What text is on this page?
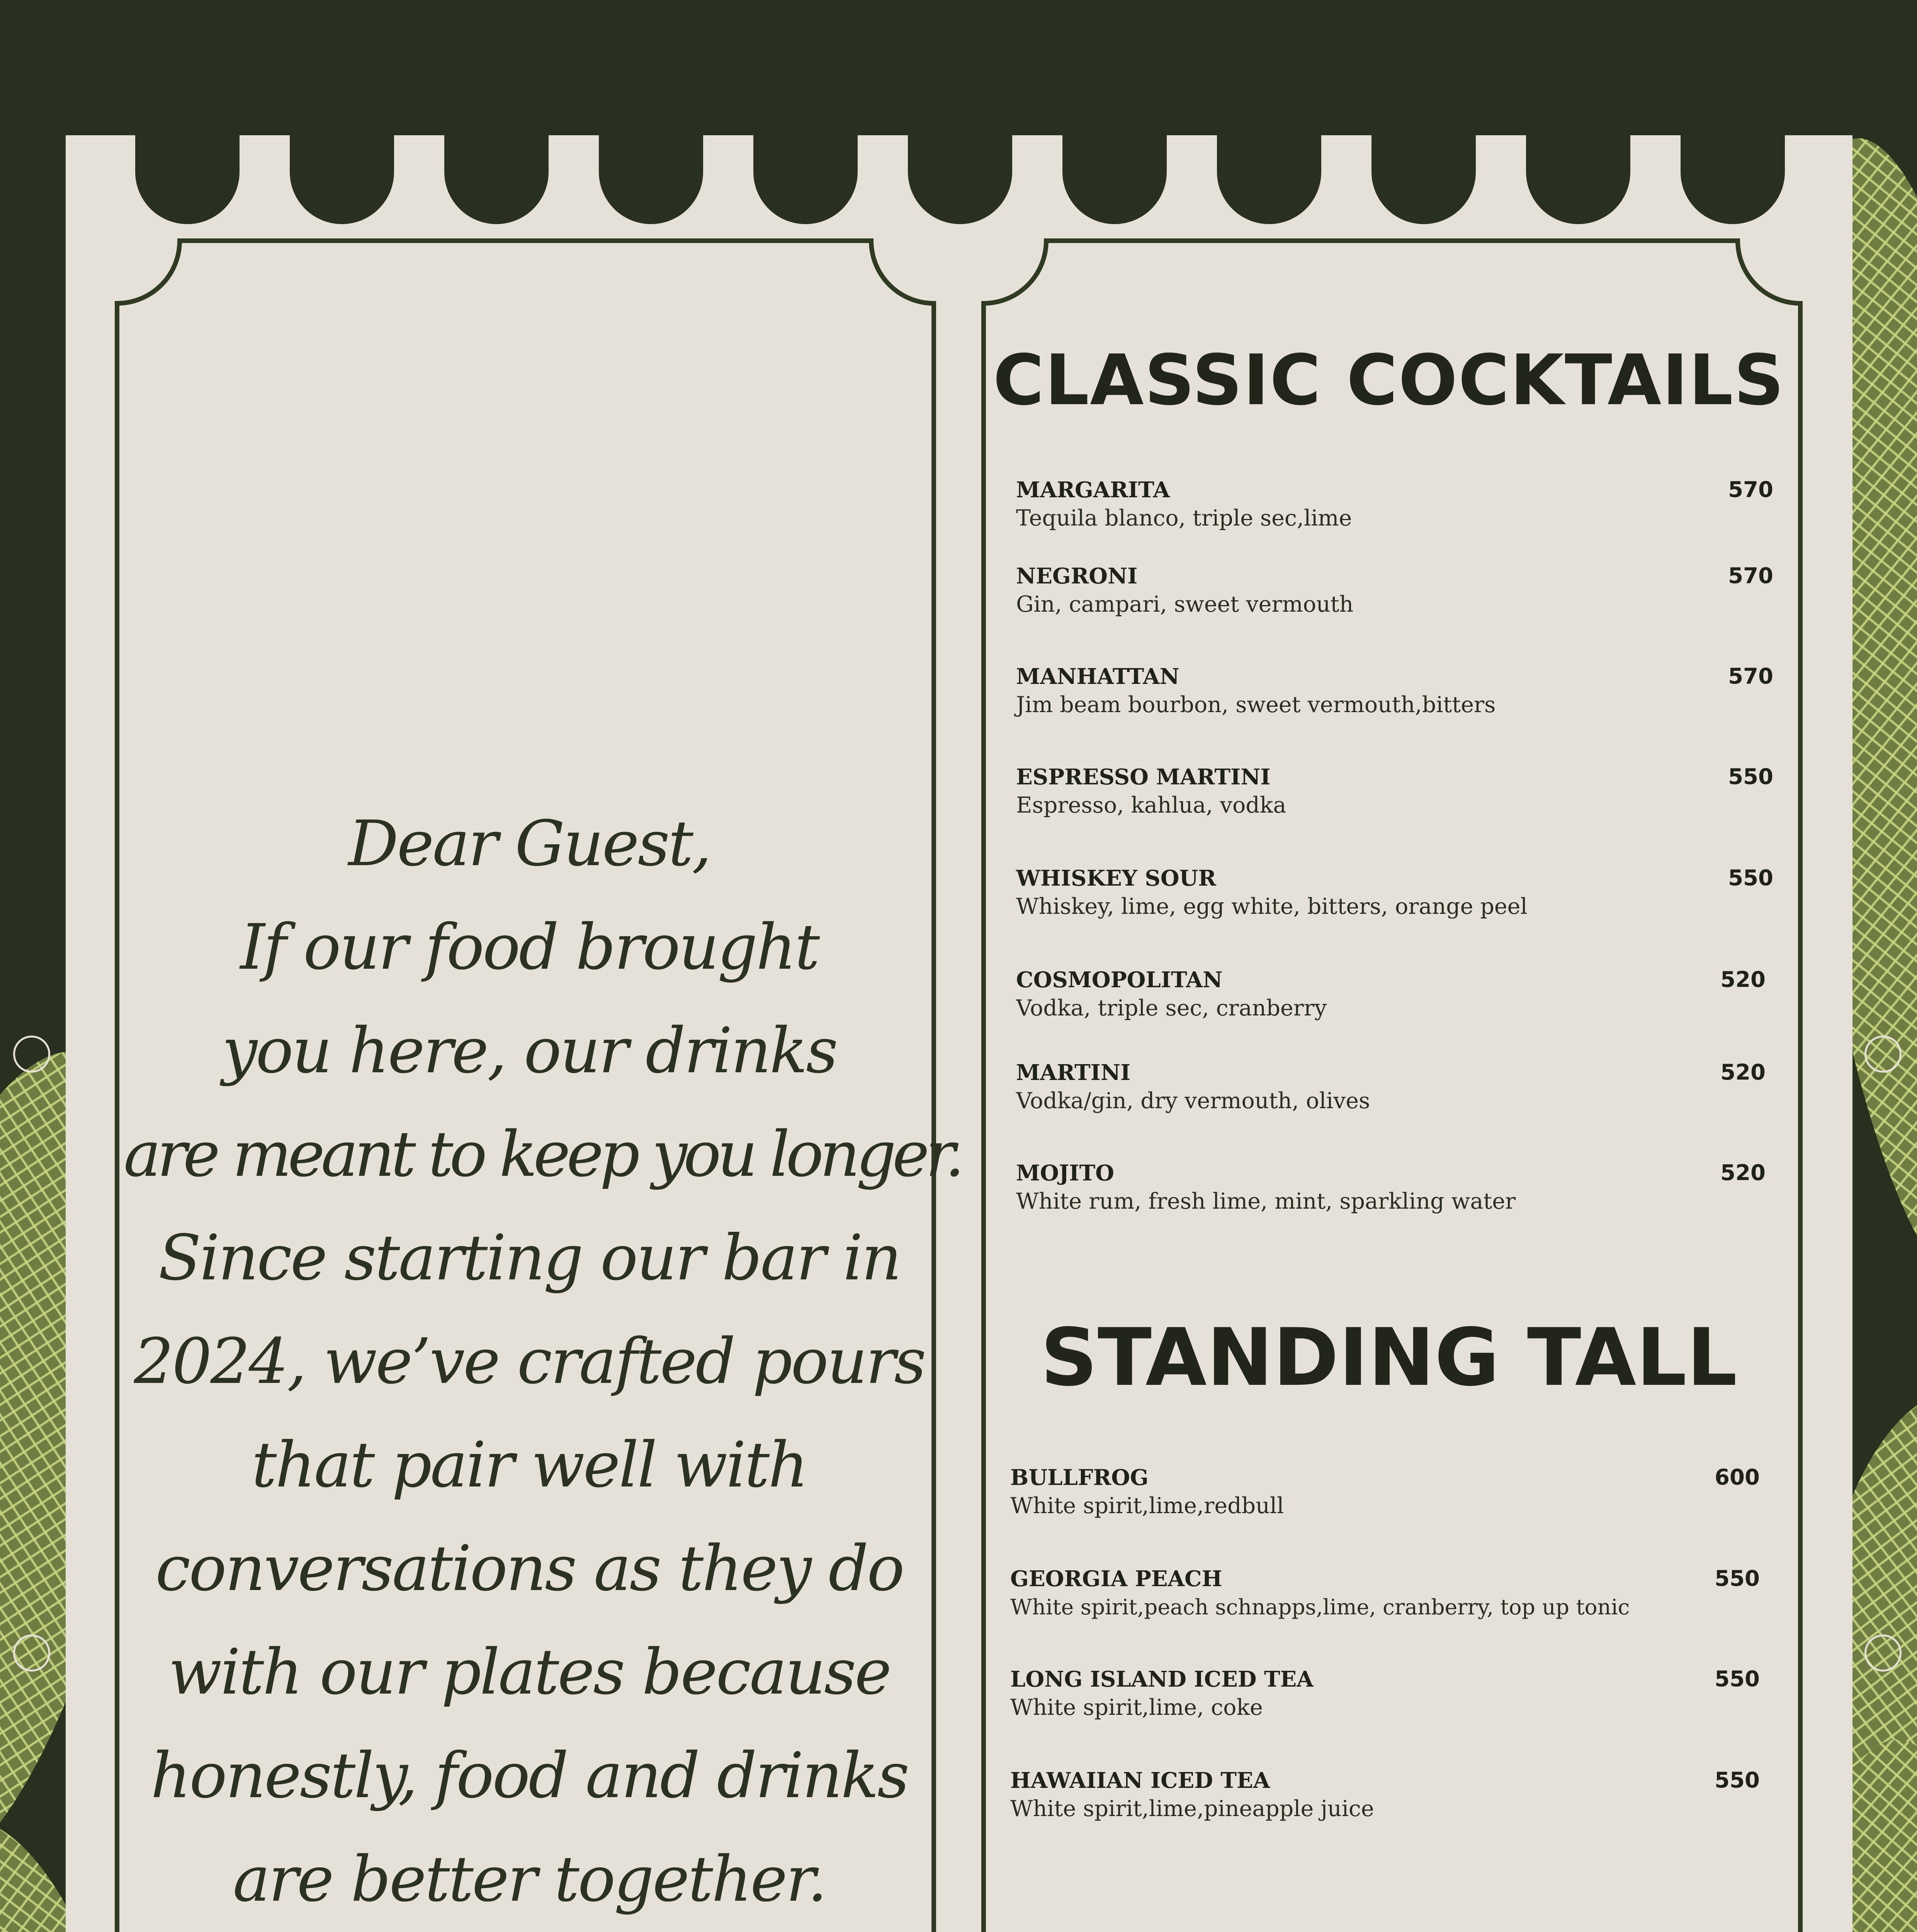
Dear Guest,
If our food brought
you here, our drinks
are meant to keep you longer.
Since starting our bar in
2024, we’ve crafted pours
that pair well with
conversations as they do
with our plates because
honestly, food and drinks
are better together.
CLASSIC COCKTAILS
MARGARITA	570
Tequila blanco, triple sec,lime
NEGRONI	570
Gin, campari, sweet vermouth
MANHATTAN	570
Jim beam bourbon, sweet vermouth,bitters
ESPRESSO MARTINI	550
Espresso, kahlua, vodka
WHISKEY SOUR	550
Whiskey, lime, egg white, bitters, orange peel
COSMOPOLITAN	520
Vodka, triple sec, cranberry
MARTINI	520
Vodka/gin, dry vermouth, olives
MOJITO	520
White rum, fresh lime, mint, sparkling water
STANDING TALL
BULLFROG	600
White spirit,lime,redbull
GEORGIA PEACH	550
White spirit,peach schnapps,lime, cranberry, top up tonic
LONG ISLAND ICED TEA	550
White spirit,lime, coke
HAWAIIAN ICED TEA	550
White spirit,lime,pineapple juice
